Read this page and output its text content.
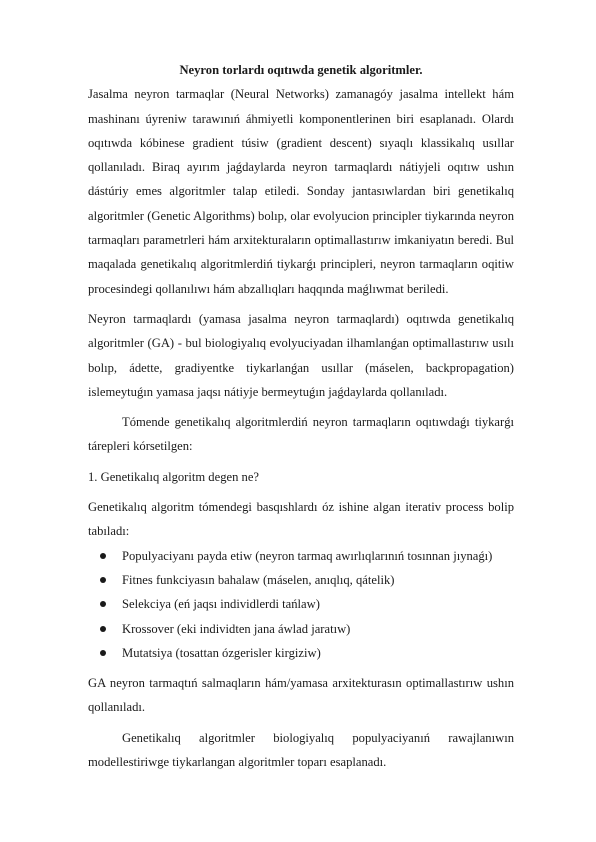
Neyron torlardı oqıtıwda genetik algoritmler.

Jasalma neyron tarmaqlar (Neural Networks) zamanagóy jasalma intellekt hám mashinanı úyreniw tarawınıń áhmiyetli komponentlerinen biri esaplanadı. Olardı oqıtıwda kóbinese gradient túsiw (gradient descent) sıyaqlı klassikalıq usıllar qollanıladı. Biraq ayırım jaǵdaylarda neyron tarmaqlardı nátiyjeli oqıtıw ushın dástúriy emes algoritmler talap etiledi. Sonday jantasıwlardan biri genetikalıq algoritmler (Genetic Algorithms) bolıp, olar evolyucion principler tiykarında neyron tarmaqları parametrleri hám arxitekturaların optimallastırıw imkaniyatın beredi. Bul maqalada genetikalıq algoritmlerdiń tiykarǵı principleri, neyron tarmaqların oqitiw procesindegi qollanılıwı hám abzallıqları haqqında maǵlıwmat beriledi.

Neyron tarmaqlardı (yamasa jasalma neyron tarmaqlardı) oqıtıwda genetikalıq algoritmler (GA) - bul biologiyalıq evolyuciyadan ilhamlanǵan optimallastırıw usılı bolıp, ádette, gradiyentke tiykarlanǵan usıllar (máselen, backpropagation) islemeytuǵın yamasa jaqsı nátiyje bermeytuǵın jaǵdaylarda qollanıladı.

Tómende genetikalıq algoritmlerdiń neyron tarmaqların oqıtıwdaǵı tiykarǵı tárepleri kórsetilgen:

1. Genetikalıq algoritm degen ne?

Genetikalıq algoritm tómendegi basqıshlardı óz ishine algan iterativ process bolip tabıladı:

Populyaciyanı payda etiw (neyron tarmaq awırlıqlarınıń tosınnan jıynaǵı)
Fitnes funkciyasın bahalaw (máselen, anıqlıq, qátelik)
Selekciya (eń jaqsı individlerdi tańlaw)
Krossover (eki individten jana áwlad jaratıw)
Mutatsiya (tosattan ózgerisler kirgiziw)

GA neyron tarmaqtıń salmaqların hám/yamasa arxitekturasın optimallastırıw ushın qollanıladı.

Genetikalıq algoritmler biologiyalıq populyaciyanıń rawajlanıwın modellestiriwge tiykarlangan algoritmler toparı esaplanadı.
